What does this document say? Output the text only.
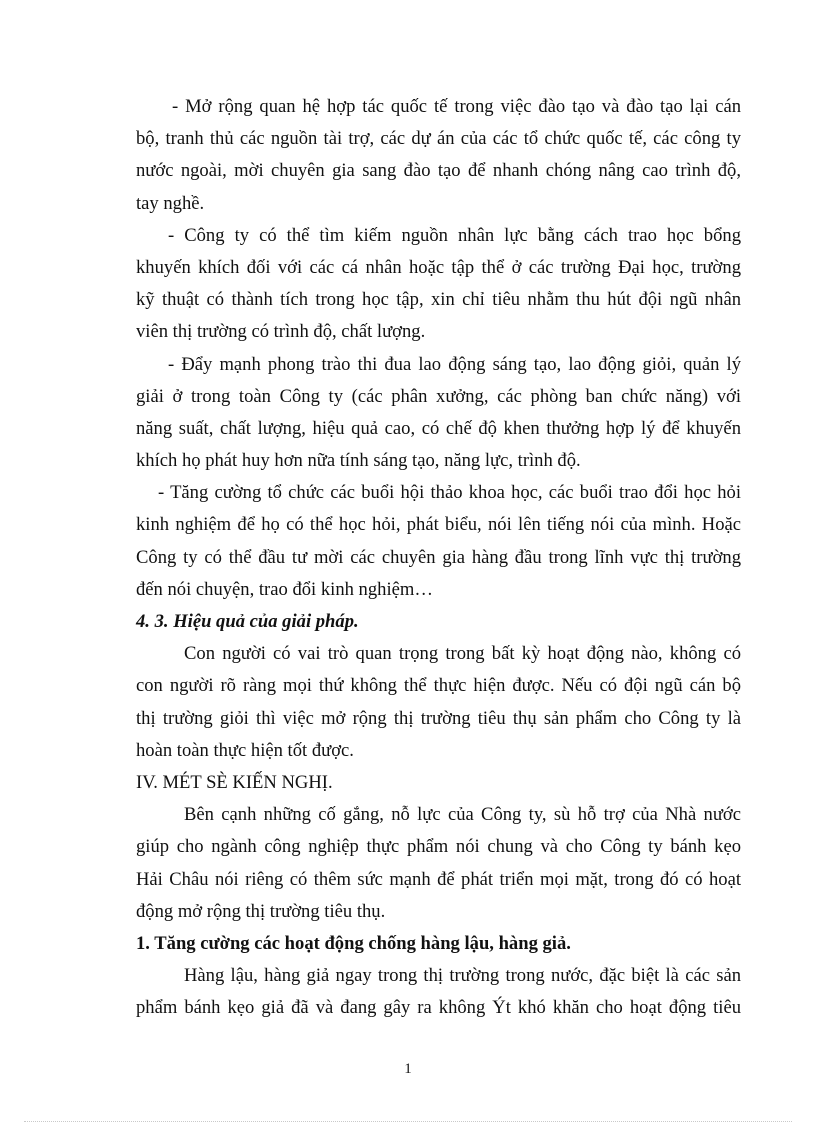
- Mở rộng quan hệ hợp tác quốc tế trong việc đào tạo và đào tạo lại cán
bộ, tranh thủ các nguồn tài trợ, các dự án của các tổ chức quốc tế, các công ty
nước ngoài, mời chuyên gia sang đào tạo để nhanh chóng nâng cao trình độ,
tay nghề.
- Công ty có thể tìm kiếm nguồn nhân lực bằng cách trao học bổng
khuyến khích đối với các cá nhân hoặc tập thể ở các trường Đại học, trường
kỹ thuật có thành tích trong học tập, xin chỉ tiêu nhằm thu hút đội ngũ nhân
viên thị trường có trình độ, chất lượng.
- Đẩy mạnh phong trào thi đua lao động sáng tạo, lao động giỏi, quản lý
giải ở trong toàn Công ty (các phân xưởng, các phòng ban chức năng) với
năng suất, chất lượng, hiệu quả cao, có chế độ khen thưởng hợp lý để khuyến
khích họ phát huy hơn nữa tính sáng tạo, năng lực, trình độ.
- Tăng cường tổ chức các buổi hội thảo khoa học, các buổi trao đổi học hỏi
kinh nghiệm để họ có thể học hỏi, phát biểu, nói lên tiếng nói của mình. Hoặc
Công ty có thể đầu tư mời các chuyên gia hàng đầu trong lĩnh vực thị trường
đến nói chuyện, trao đổi kinh nghiệm…
4. 3. Hiệu quả của giải pháp.
Con người có vai trò quan trọng trong bất kỳ hoạt động nào, không có
con người rõ ràng mọi thứ không thể thực hiện được. Nếu có đội ngũ cán bộ
thị trường giỏi thì việc mở rộng thị trường tiêu thụ sản phẩm cho Công ty là
hoàn toàn thực hiện tốt được.
IV. MÉT SÈ KIẾN NGHỊ.
Bên cạnh những cố gắng, nỗ lực của Công ty, sù hỗ trợ của Nhà nước
giúp cho ngành công nghiệp thực phẩm nói chung và cho Công ty bánh kẹo
Hải Châu nói riêng có thêm sức mạnh để phát triển mọi mặt, trong đó có hoạt
động mở rộng thị trường tiêu thụ.
1. Tăng cường các hoạt động chống hàng lậu, hàng giả.
Hàng lậu, hàng giả ngay trong thị trường trong nước, đặc biệt là các sản
phẩm bánh kẹo giả đã và đang gây ra không Ýt khó khăn cho hoạt động tiêu
1
